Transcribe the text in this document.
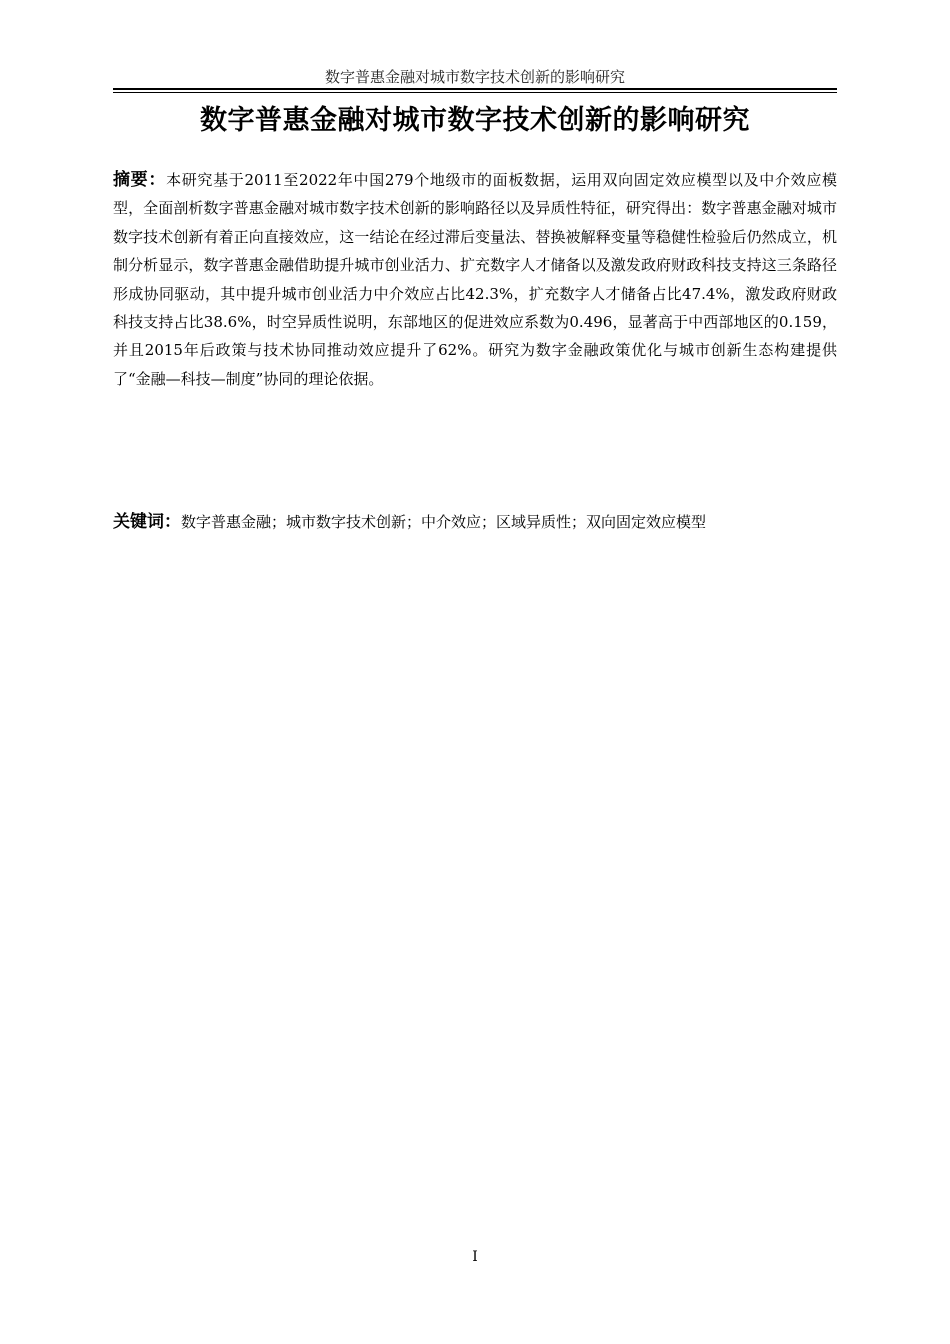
数字普惠金融对城市数字技术创新的影响研究
数字普惠金融对城市数字技术创新的影响研究
摘要：本研究基于2011至2022年中国279个地级市的面板数据，运用双向固定效应模型以及中介效应模型，全面剖析数字普惠金融对城市数字技术创新的影响路径以及异质性特征，研究得出：数字普惠金融对城市数字技术创新有着正向直接效应，这一结论在经过滞后变量法、替换被解释变量等稳健性检验后仍然成立，机制分析显示，数字普惠金融借助提升城市创业活力、扩充数字人才储备以及激发政府财政科技支持这三条路径形成协同驱动，其中提升城市创业活力中介效应占比42.3%，扩充数字人才储备占比47.4%，激发政府财政科技支持占比38.6%，时空异质性说明，东部地区的促进效应系数为0.496，显著高于中西部地区的0.159，并且2015年后政策与技术协同推动效应提升了62%。研究为数字金融政策优化与城市创新生态构建提供了“金融—科技—制度”协同的理论依据。
关键词：数字普惠金融；城市数字技术创新；中介效应；区域异质性；双向固定效应模型
I
